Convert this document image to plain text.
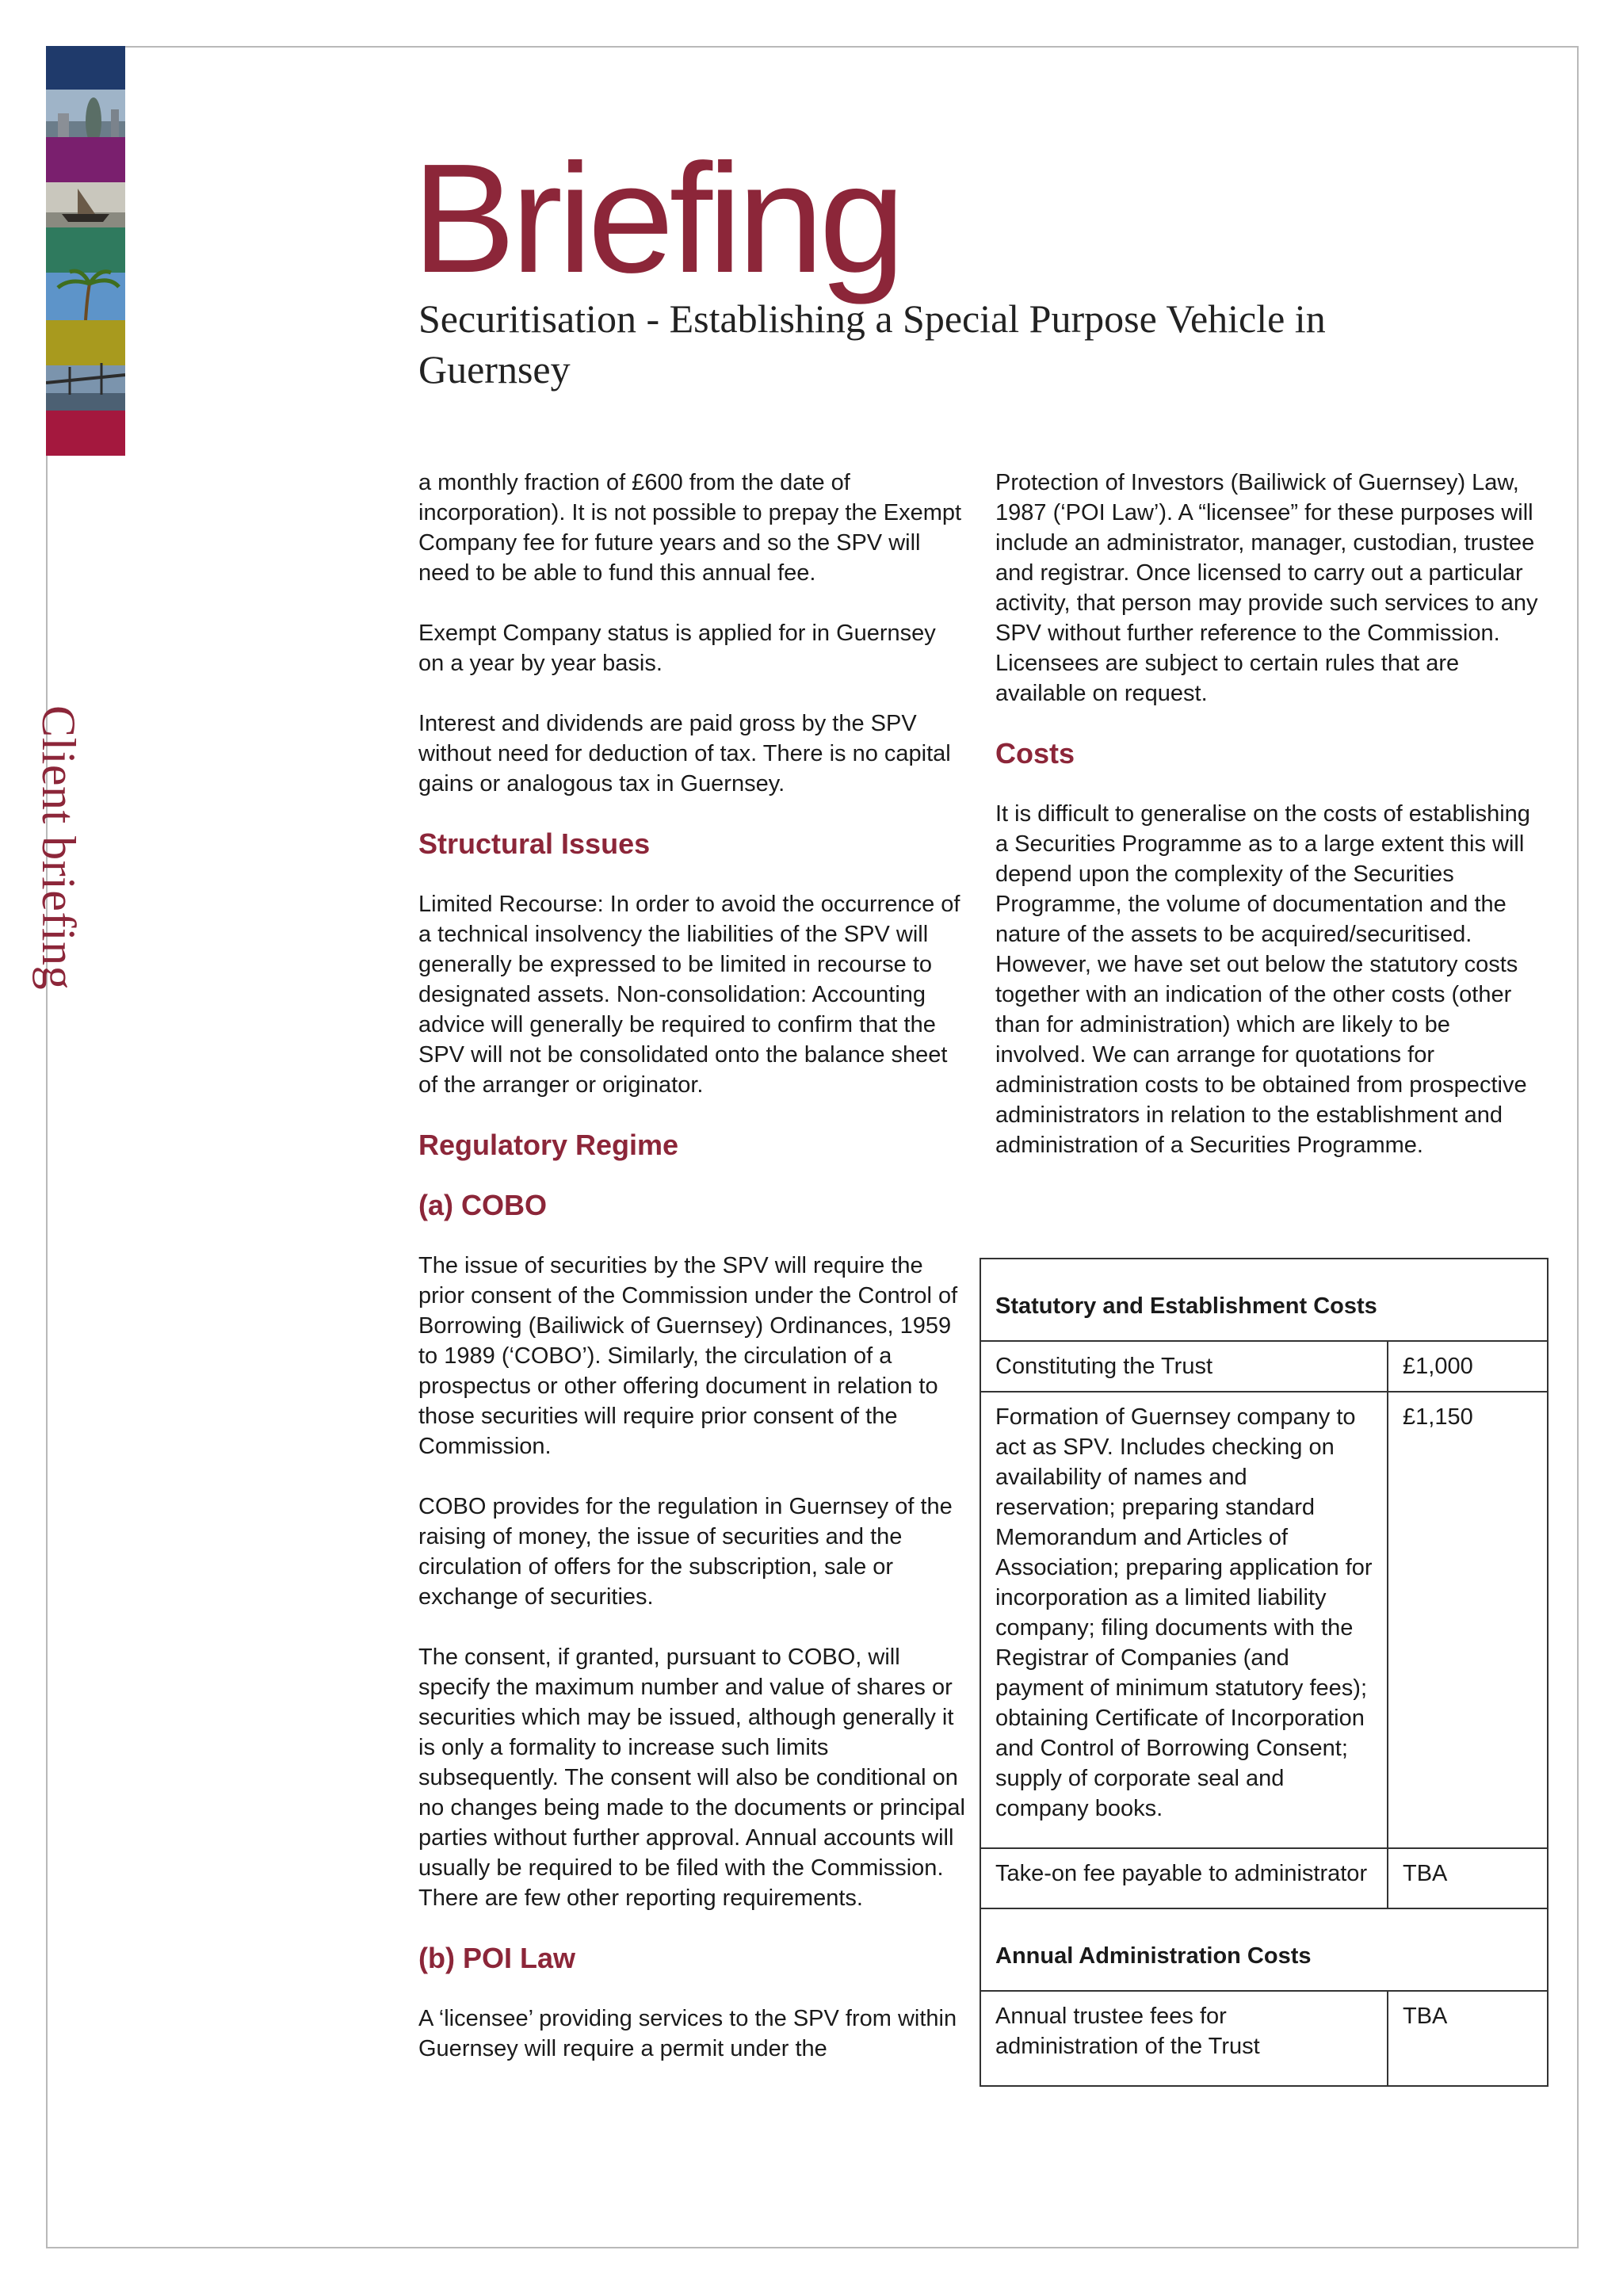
Client briefing
Briefing
Securitisation - Establishing a Special Purpose Vehicle in Guernsey

a monthly fraction of £600 from the date of incorporation). It is not possible to prepay the Exempt Company fee for future years and so the SPV will need to be able to fund this annual fee.

Exempt Company status is applied for in Guernsey on a year by year basis.

Interest and dividends are paid gross by the SPV without need for deduction of tax. There is no capital gains or analogous tax in Guernsey.

Structural Issues

Limited Recourse: In order to avoid the occurrence of a technical insolvency the liabilities of the SPV will generally be expressed to be limited in recourse to designated assets. Non-consolidation: Accounting advice will generally be required to confirm that the SPV will not be consolidated onto the balance sheet of the arranger or originator.

Regulatory Regime
(a) COBO

The issue of securities by the SPV will require the prior consent of the Commission under the Control of Borrowing (Bailiwick of Guernsey) Ordinances, 1959 to 1989 (‘COBO’). Similarly, the circulation of a prospectus or other offering document in relation to those securities will require prior consent of the Commission.

COBO provides for the regulation in Guernsey of the raising of money, the issue of securities and the circulation of offers for the subscription, sale or exchange of securities.

The consent, if granted, pursuant to COBO, will specify the maximum number and value of shares or securities which may be issued, although generally it is only a formality to increase such limits subsequently. The consent will also be conditional on no changes being made to the documents or principal parties without further approval. Annual accounts will usually be required to be filed with the Commission. There are few other reporting requirements.

(b) POI Law

A ‘licensee’ providing services to the SPV from within Guernsey will require a permit under the

Protection of Investors (Bailiwick of Guernsey) Law, 1987 (‘POI Law’). A “licensee” for these purposes will include an administrator, manager, custodian, trustee and registrar. Once licensed to carry out a particular activity, that person may provide such services to any SPV without further reference to the Commission. Licensees are subject to certain rules that are available on request.

Costs

It is difficult to generalise on the costs of establishing a Securities Programme as to a large extent this will depend upon the complexity of the Securities Programme, the volume of documentation and the nature of the assets to be acquired/securitised. However, we have set out below the statutory costs together with an indication of the other costs (other than for administration) which are likely to be involved. We can arrange for quotations for administration costs to be obtained from prospective administrators in relation to the establishment and administration of a Securities Programme.

Statutory and Establishment Costs	
Constituting the Trust	£1,000
Formation of Guernsey company to act as SPV. Includes checking on availability of names and reservation; preparing standard Memorandum and Articles of Association; preparing application for incorporation as a limited liability company; filing documents with the Registrar of Companies (and payment of minimum statutory fees); obtaining Certificate of Incorporation and Control of Borrowing Consent; supply of corporate seal and company books.	£1,150
Take-on fee payable to administrator	TBA
Annual Administration Costs	
Annual trustee fees for administration of the Trust	TBA
